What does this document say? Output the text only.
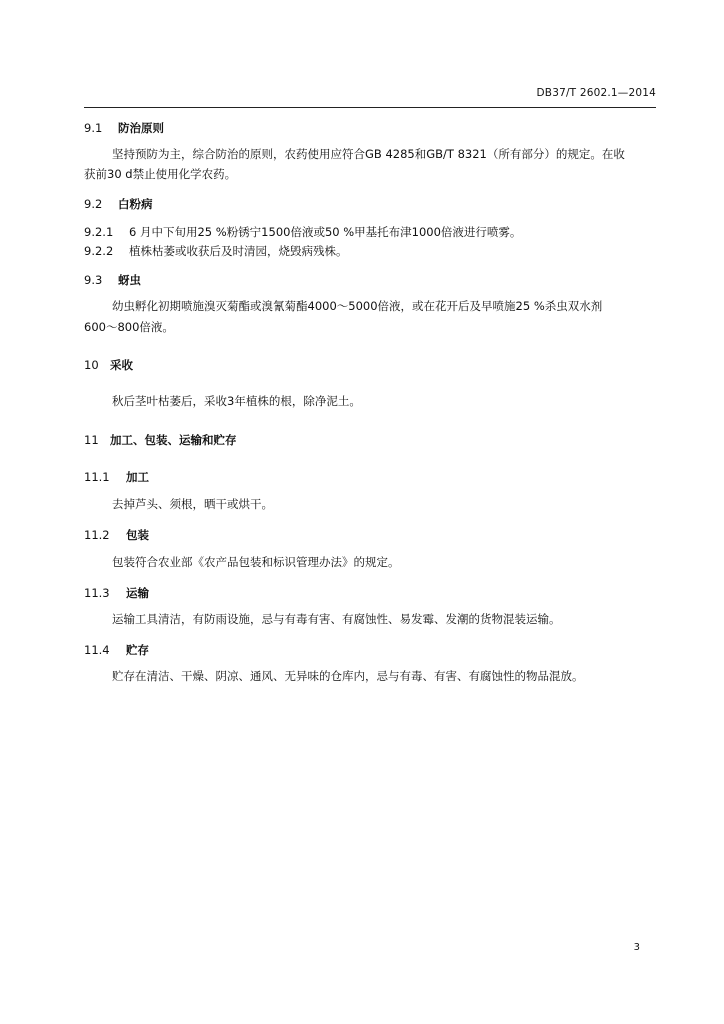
DB37/T 2602.1—2014
9.1 防治原则
坚持预防为主，综合防治的原则，农药使用应符合GB 4285和GB/T 8321（所有部分）的规定。在收
获前30 d禁止使用化学农药。
9.2 白粉病
9.2.1 6 月中下旬用25 %粉锈宁1500倍液或50 %甲基托布津1000倍液进行喷雾。
9.2.2 植株枯萎或收获后及时清园，烧毁病残株。
9.3 蚜虫
幼虫孵化初期喷施溴灭菊酯或溴氰菊酯4000～5000倍液，或在花开后及早喷施25 %杀虫双水剂
600～800倍液。
10 采收
秋后茎叶枯萎后，采收3年植株的根，除净泥土。
11 加工、包装、运输和贮存
11.1 加工
去掉芦头、须根，晒干或烘干。
11.2 包装
包装符合农业部《农产品包装和标识管理办法》的规定。
11.3 运输
运输工具清洁，有防雨设施，忌与有毒有害、有腐蚀性、易发霉、发潮的货物混装运输。
11.4 贮存
贮存在清洁、干燥、阴凉、通风、无异味的仓库内，忌与有毒、有害、有腐蚀性的物品混放。
3
